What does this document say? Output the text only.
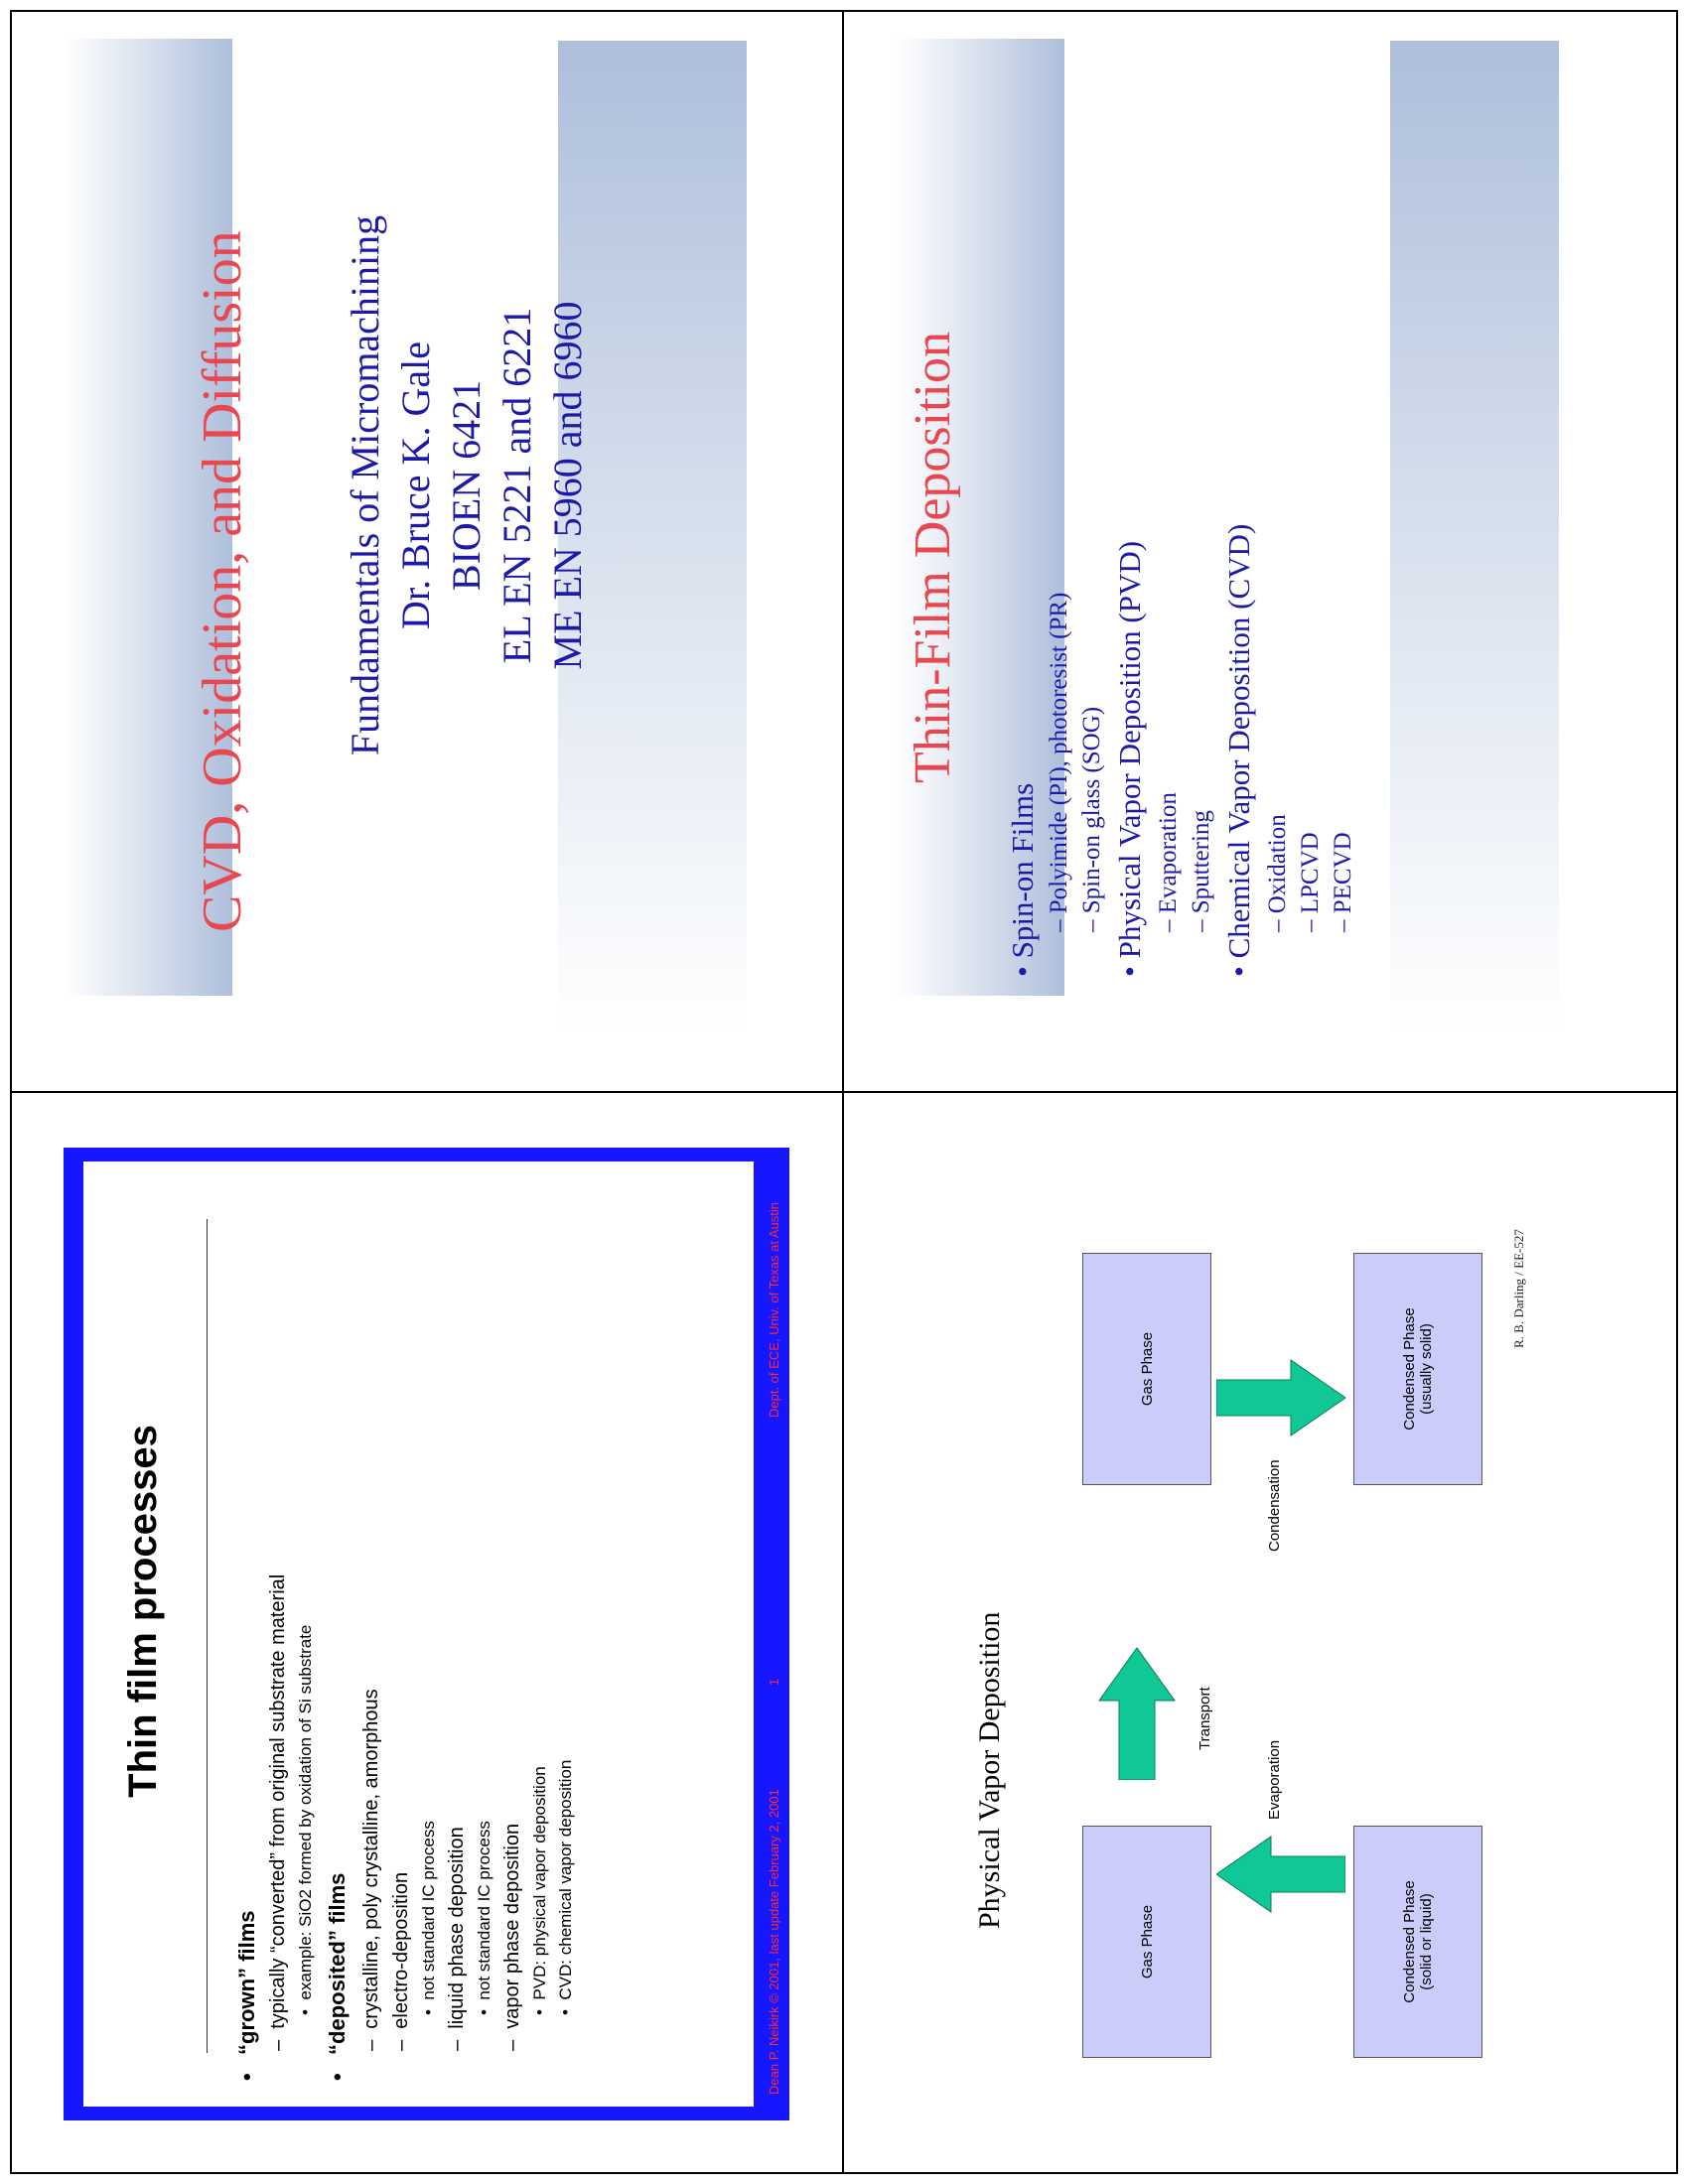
CVD, Oxidation, and Diffusion Fundamentals of Micromachining Dr. Bruce K. Gale BIOEN 6421 EL EN 5221 and 6221 ME EN 5960 and 6960	Thin-Film Deposition
• Spin-on Films – Polyimide (PI), photoresist (PR)
– Spin-on glass (SOG)
• Physical Vapor Deposition (PVD) – Evaporation
– Sputtering
• Chemical Vapor Deposition (CVD) – Oxidation
– LPCVD
– PECVD
Thin film processes
•   “grown” films –  typically “converted” from original substrate material •  example: SiO2 formed by oxidation of Si substrate
•   “deposited” films –  crystalline, poly crystalline, amorphous
–  electro-deposition •  not standard IC process
–  liquid phase deposition •  not standard IC process
–  vapor phase deposition •  PVD: physical vapor deposition
•  CVD: chemical vapor deposition	Dean P. Neikirk © 2001, last update February 2, 2001
1
Dept. of ECE, Univ. of Texas at Austin
Physical Vapor Deposition
Gas Phase	Condensed Phase (solid or liquid)
Gas Phase	Condensed Phase (usually solid)
Evaporation
Transport
Condensation
R. B. Darling / EE-527
